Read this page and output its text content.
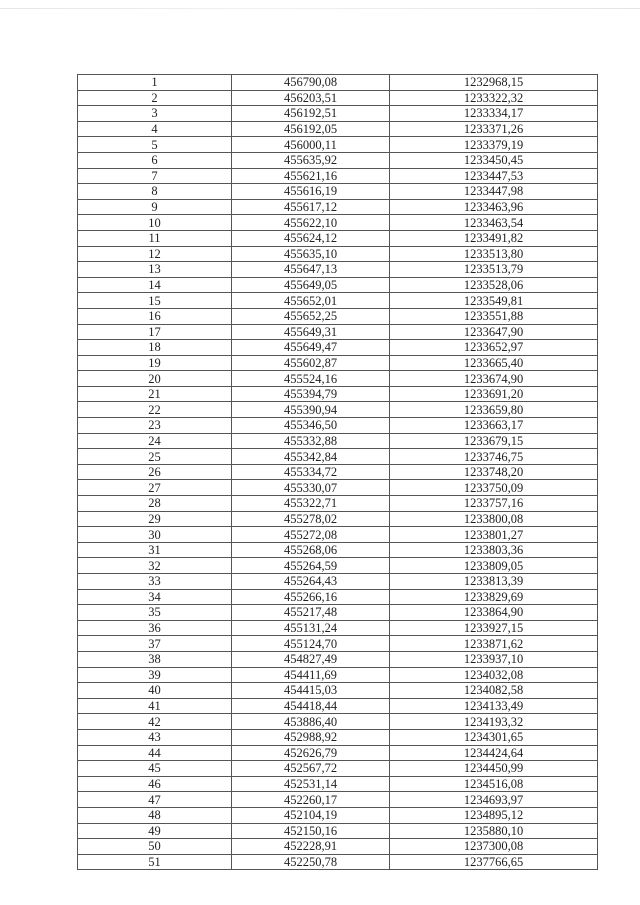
1	456790,08	1232968,15
2	456203,51	1233322,32
3	456192,51	1233334,17
4	456192,05	1233371,26
5	456000,11	1233379,19
6	455635,92	1233450,45
7	455621,16	1233447,53
8	455616,19	1233447,98
9	455617,12	1233463,96
10	455622,10	1233463,54
11	455624,12	1233491,82
12	455635,10	1233513,80
13	455647,13	1233513,79
14	455649,05	1233528,06
15	455652,01	1233549,81
16	455652,25	1233551,88
17	455649,31	1233647,90
18	455649,47	1233652,97
19	455602,87	1233665,40
20	455524,16	1233674,90
21	455394,79	1233691,20
22	455390,94	1233659,80
23	455346,50	1233663,17
24	455332,88	1233679,15
25	455342,84	1233746,75
26	455334,72	1233748,20
27	455330,07	1233750,09
28	455322,71	1233757,16
29	455278,02	1233800,08
30	455272,08	1233801,27
31	455268,06	1233803,36
32	455264,59	1233809,05
33	455264,43	1233813,39
34	455266,16	1233829,69
35	455217,48	1233864,90
36	455131,24	1233927,15
37	455124,70	1233871,62
38	454827,49	1233937,10
39	454411,69	1234032,08
40	454415,03	1234082,58
41	454418,44	1234133,49
42	453886,40	1234193,32
43	452988,92	1234301,65
44	452626,79	1234424,64
45	452567,72	1234450,99
46	452531,14	1234516,08
47	452260,17	1234693,97
48	452104,19	1234895,12
49	452150,16	1235880,10
50	452228,91	1237300,08
51	452250,78	1237766,65
